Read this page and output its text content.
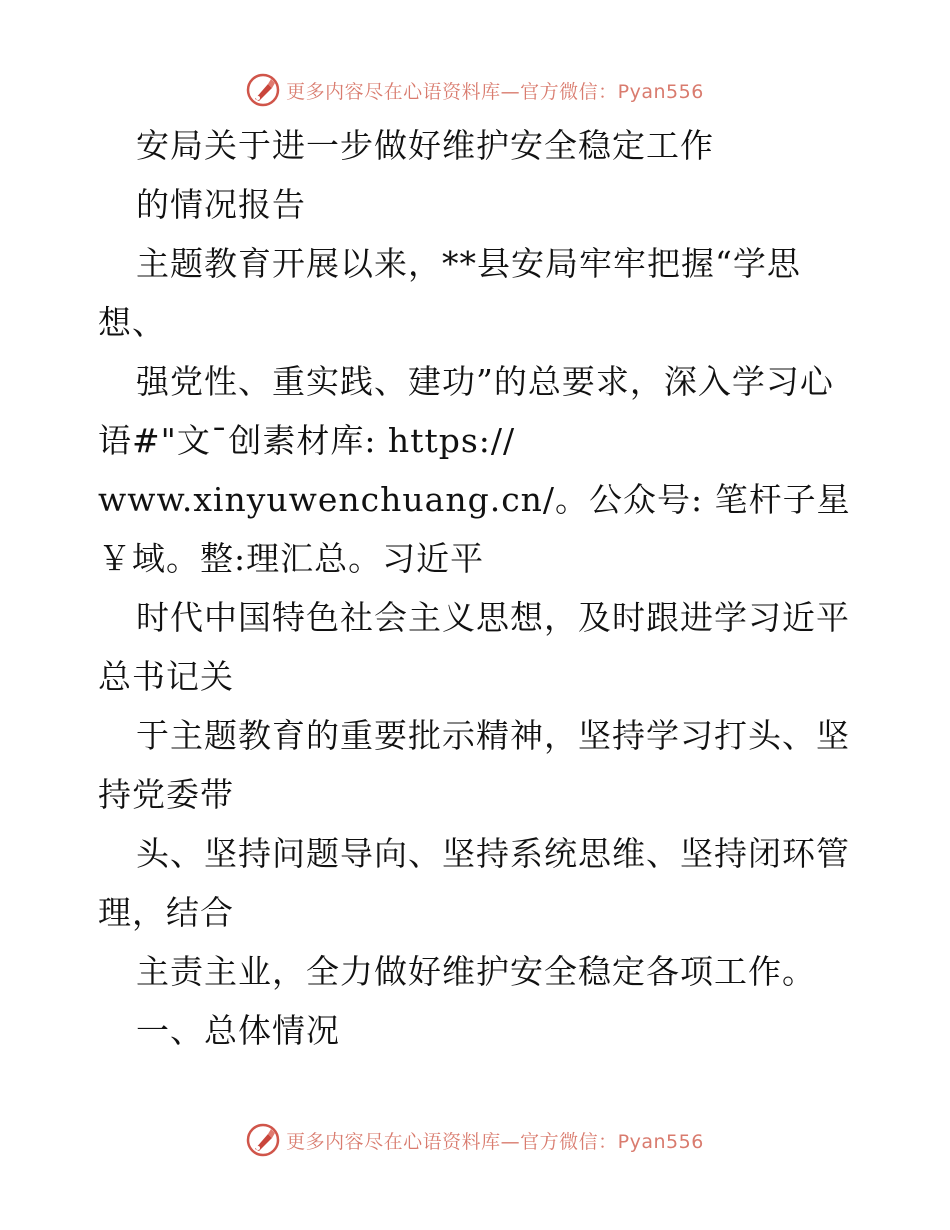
更多内容尽在心语资料库—官方微信：Pyan556
安局关于进一步做好维护安全稳定工作
的情况报告
主题教育开展以来，**县安局牢牢把握“学思
想、
强党性、重实践、建功”的总要求，深入学习心
语#"文¯创素材库: https://
www.xinyuwenchuang.cn/。公众号: 笔杆子星
￥域。整:理汇总。习近平
时代中国特色社会主义思想，及时跟进学习近平
总书记关
于主题教育的重要批示精神，坚持学习打头、坚
持党委带
头、坚持问题导向、坚持系统思维、坚持闭环管
理，结合
主责主业，全力做好维护安全稳定各项工作。
一、总体情况
更多内容尽在心语资料库—官方微信：Pyan556
